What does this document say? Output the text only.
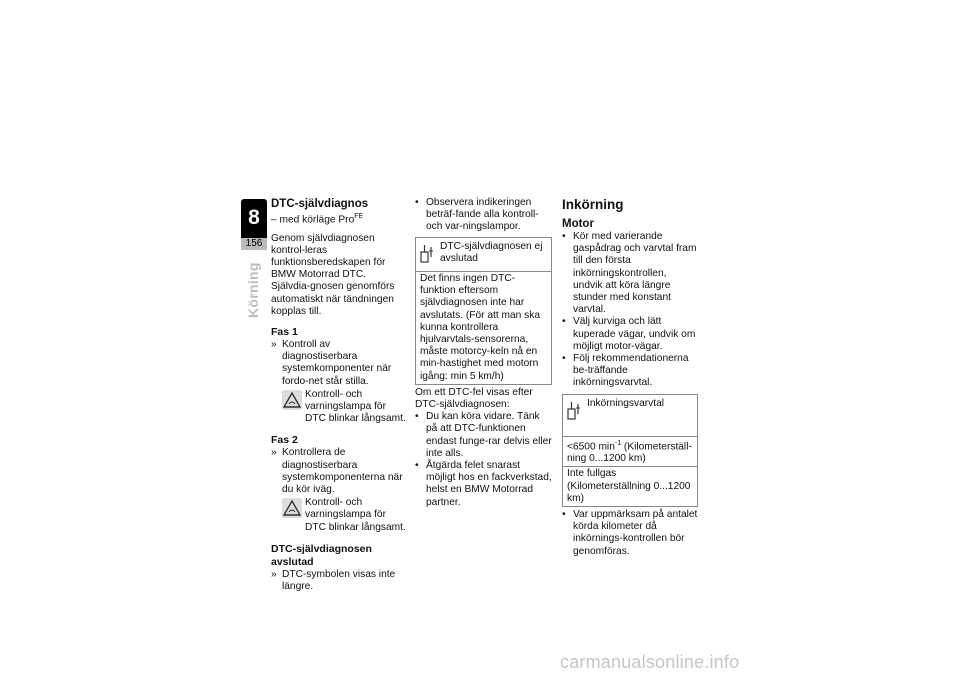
8
156
Körning
DTC-självdiagnos

– med körläge Pro$^{FE}$

Genom självdiagnosen kontrol-leras funktionsberedskapen för BMW Motorrad DTC. Självdia-gnosen genomförs automatiskt när tändningen kopplas till.

Fas 1

» Kontroll av diagnostiserbara systemkomponenter när fordo-net står stilla.

Kontroll- och varningslampa för DTC blinkar långsamt.

Fas 2

» Kontrollera de diagnostiserbara systemkomponenterna när du kör iväg.

Kontroll- och varningslampa för DTC blinkar långsamt.

DTC-självdiagnosen avslutad

» DTC-symbolen visas inte längre.

• Observera indikeringen beträf-fande alla kontroll- och var-ningslampor.

DTC-självdiagnosen ej avslutad
Det finns ingen DTC-funktion eftersom självdiagnosen inte har avslutats. (För att man ska kunna kontrollera hjulvarvtals-sensorerna, måste motorcy-keln nå en min-hastighet med motorn igång: min 5 km/h)

Om ett DTC-fel visas efter DTC-självdiagnosen:

• Du kan köra vidare. Tänk på att DTC-funktionen endast funge-rar delvis eller inte alls.

• Åtgärda felet snarast möjligt hos en fackverkstad, helst en BMW Motorrad partner.

Inkörning
Motor

• Kör med varierande gaspådrag och varvtal fram till den första inkörningskontrollen, undvik att köra längre stunder med konstant varvtal.

• Välj kurviga och lätt kuperade vägar, undvik om möjligt motor-vägar.

• Följ rekommendationerna be-träffande inkörningsvarvtal.

Inkörningsvarvtal
<6500 $\min^{-1}$ (Kilometerställ-ning 0...1200 km)
Inte fullgas (Kilometerställning 0...1200 km)

• Var uppmärksam på antalet körda kilometer då inkörnings-kontrollen bör genomföras.

carmanualsonline.info
